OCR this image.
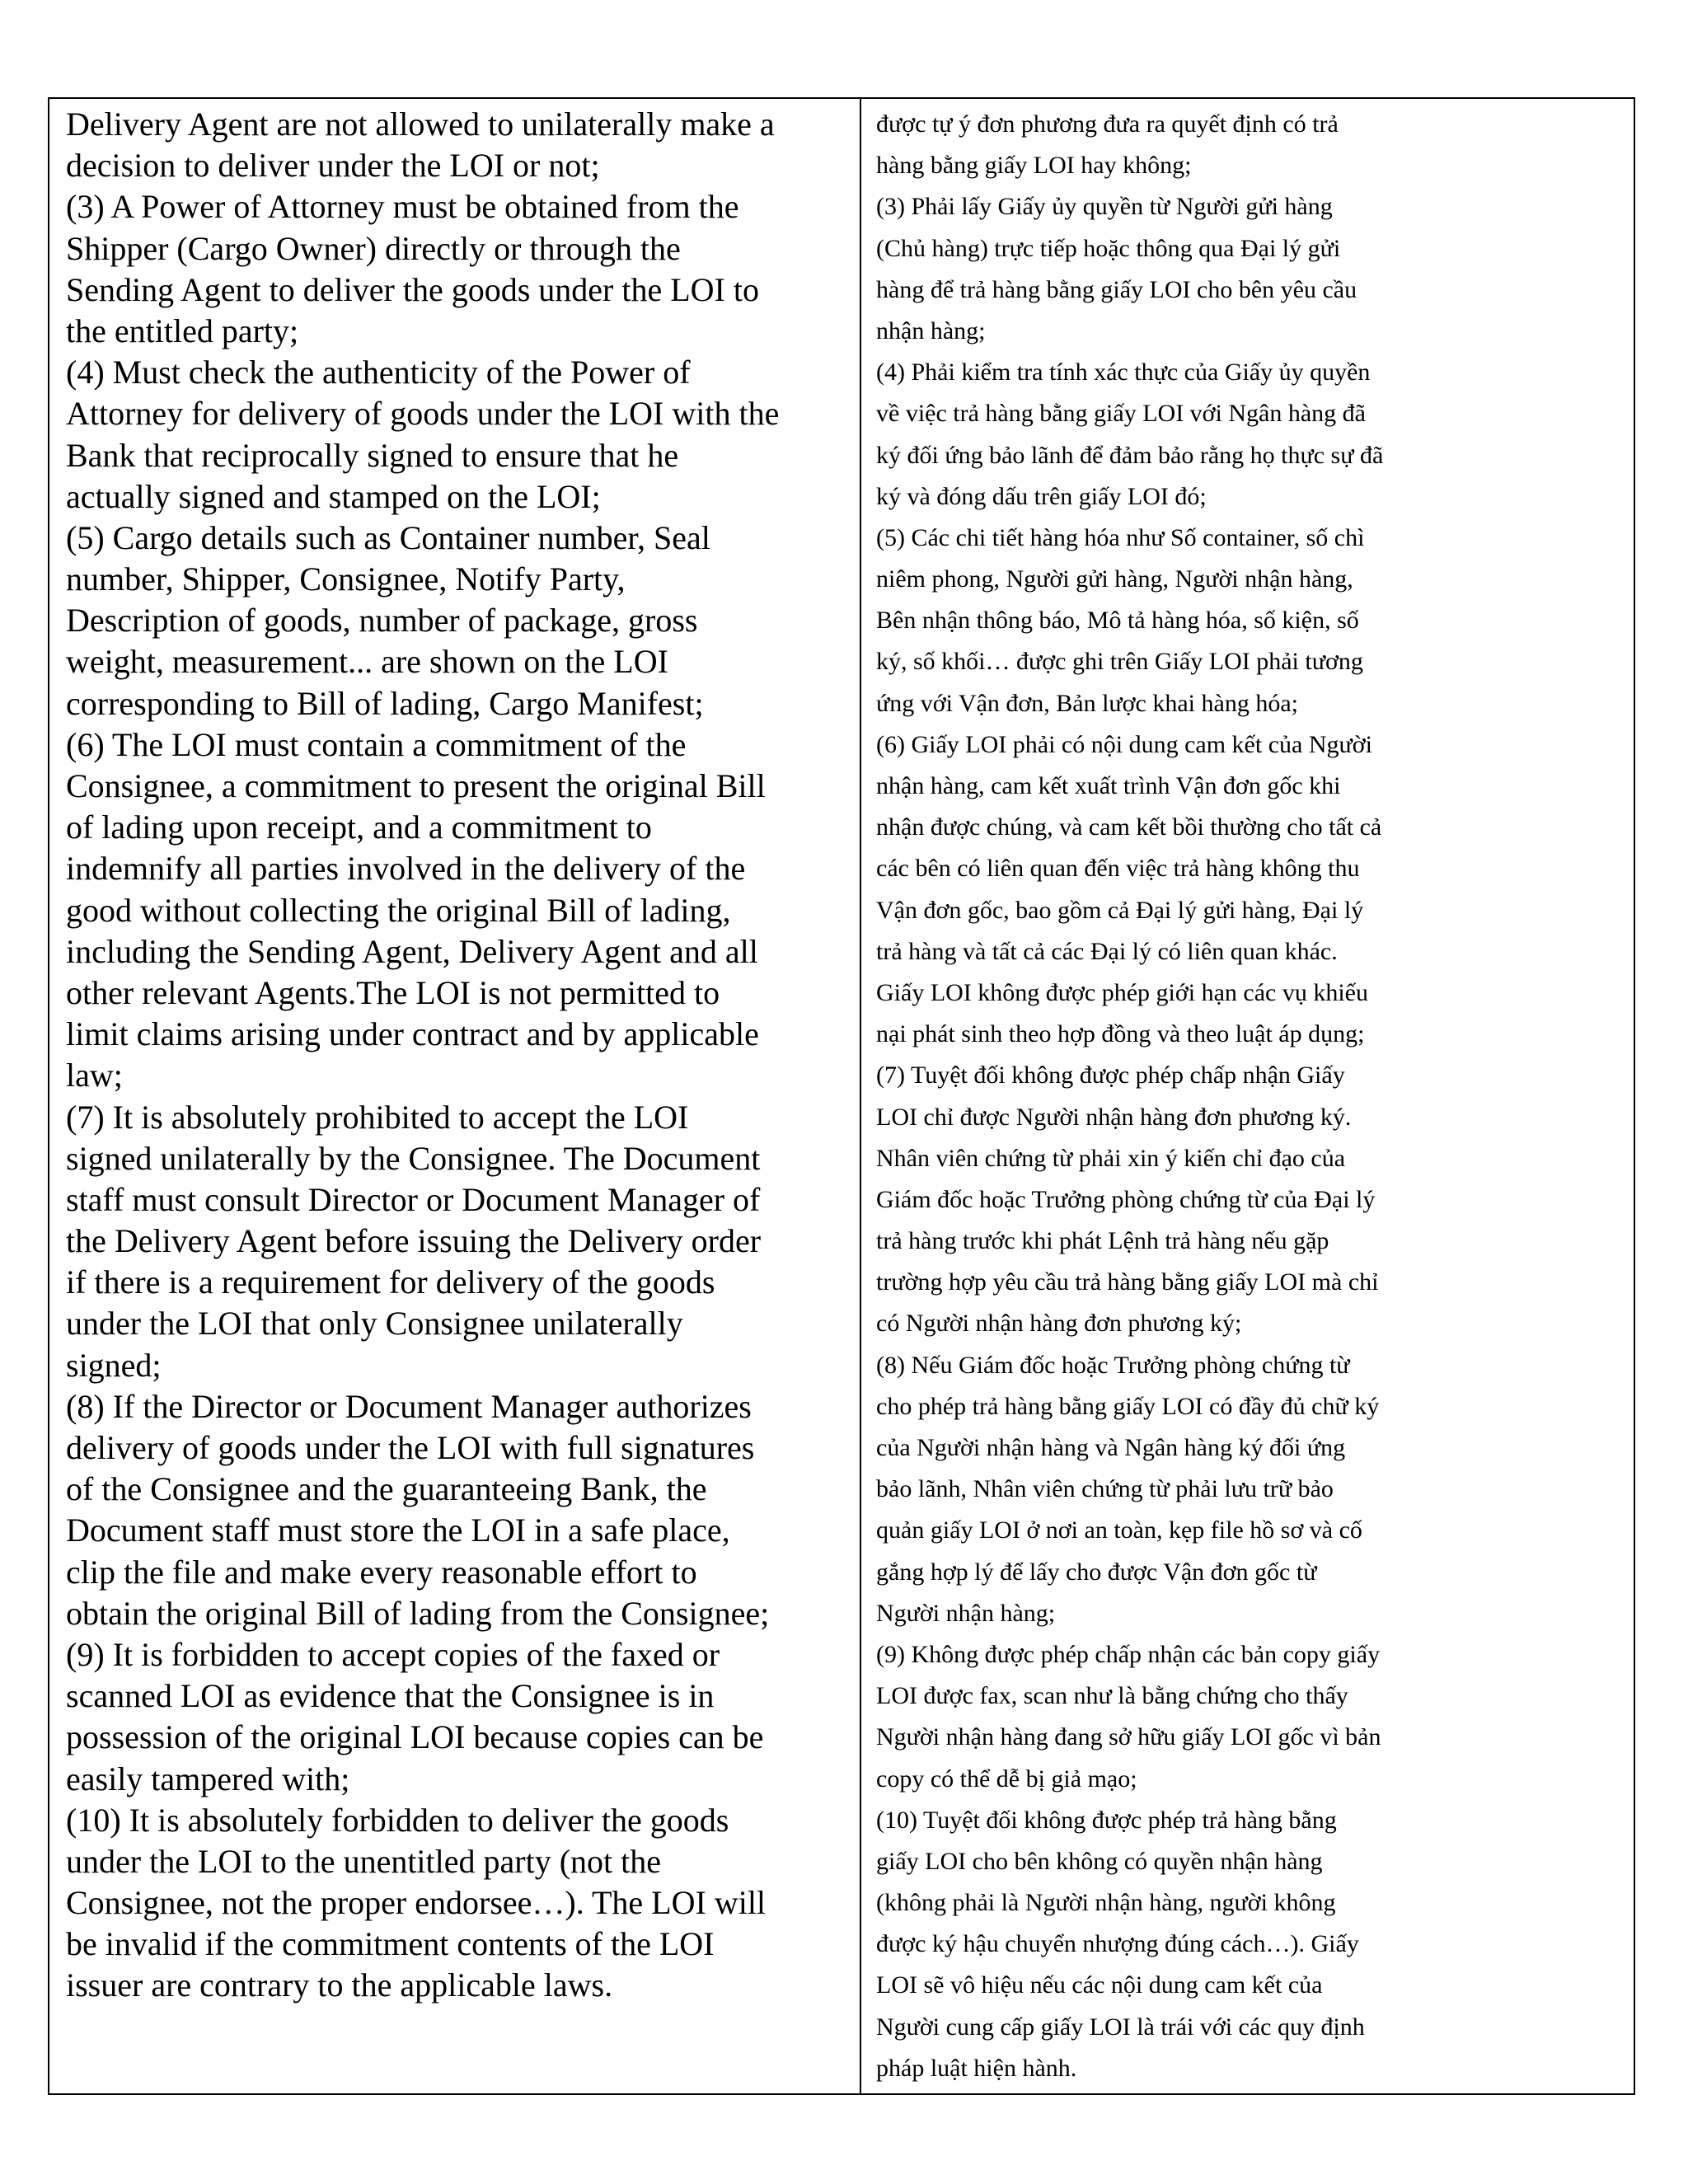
Delivery Agent are not allowed to unilaterally make a
decision to deliver under the LOI or not;
(3) A Power of Attorney must be obtained from the
Shipper (Cargo Owner) directly or through the
Sending Agent to deliver the goods under the LOI to
the entitled party;
(4) Must check the authenticity of the Power of
Attorney for delivery of goods under the LOI with the
Bank that reciprocally signed to ensure that he
actually signed and stamped on the LOI;
(5) Cargo details such as Container number, Seal
number, Shipper, Consignee, Notify Party,
Description of goods, number of package, gross
weight, measurement... are shown on the LOI
corresponding to Bill of lading, Cargo Manifest;
(6) The LOI must contain a commitment of the
Consignee, a commitment to present the original Bill
of lading upon receipt, and a commitment to
indemnify all parties involved in the delivery of the
good without collecting the original Bill of lading,
including the Sending Agent, Delivery Agent and all
other relevant Agents.The LOI is not permitted to
limit claims arising under contract and by applicable
law;
(7) It is absolutely prohibited to accept the LOI
signed unilaterally by the Consignee. The Document
staff must consult Director or Document Manager of
the Delivery Agent before issuing the Delivery order
if there is a requirement for delivery of the goods
under the LOI that only Consignee unilaterally
signed;
(8) If the Director or Document Manager authorizes
delivery of goods under the LOI with full signatures
of the Consignee and the guaranteeing Bank, the
Document staff must store the LOI in a safe place,
clip the file and make every reasonable effort to
obtain the original Bill of lading from the Consignee;
(9) It is forbidden to accept copies of the faxed or
scanned LOI as evidence that the Consignee is in
possession of the original LOI because copies can be
easily tampered with;
(10) It is absolutely forbidden to deliver the goods
under the LOI to the unentitled party (not the
Consignee, not the proper endorsee…). The LOI will
be invalid if the commitment contents of the LOI
issuer are contrary to the applicable laws.
được tự ý đơn phương đưa ra quyết định có trả
hàng bằng giấy LOI hay không;
(3) Phải lấy Giấy ủy quyền từ Người gửi hàng
(Chủ hàng) trực tiếp hoặc thông qua Đại lý gửi
hàng để trả hàng bằng giấy LOI cho bên yêu cầu
nhận hàng;
(4) Phải kiểm tra tính xác thực của Giấy ủy quyền
về việc trả hàng bằng giấy LOI với Ngân hàng đã
ký đối ứng bảo lãnh để đảm bảo rằng họ thực sự đã
ký và đóng dấu trên giấy LOI đó;
(5) Các chi tiết hàng hóa như Số container, số chì
niêm phong, Người gửi hàng, Người nhận hàng,
Bên nhận thông báo, Mô tả hàng hóa, số kiện, số
ký, số khối… được ghi trên Giấy LOI phải tương
ứng với Vận đơn, Bản lược khai hàng hóa;
(6) Giấy LOI phải có nội dung cam kết của Người
nhận hàng, cam kết xuất trình Vận đơn gốc khi
nhận được chúng, và cam kết bồi thường cho tất cả
các bên có liên quan đến việc trả hàng không thu
Vận đơn gốc, bao gồm cả Đại lý gửi hàng, Đại lý
trả hàng và tất cả các Đại lý có liên quan khác.
Giấy LOI không được phép giới hạn các vụ khiếu
nại phát sinh theo hợp đồng và theo luật áp dụng;
(7) Tuyệt đối không được phép chấp nhận Giấy
LOI chỉ được Người nhận hàng đơn phương ký.
Nhân viên chứng từ phải xin ý kiến chỉ đạo của
Giám đốc hoặc Trưởng phòng chứng từ của Đại lý
trả hàng trước khi phát Lệnh trả hàng nếu gặp
trường hợp yêu cầu trả hàng bằng giấy LOI mà chỉ
có Người nhận hàng đơn phương ký;
(8) Nếu Giám đốc hoặc Trưởng phòng chứng từ
cho phép trả hàng bằng giấy LOI có đầy đủ chữ ký
của Người nhận hàng và Ngân hàng ký đối ứng
bảo lãnh, Nhân viên chứng từ phải lưu trữ bảo
quản giấy LOI ở nơi an toàn, kẹp file hồ sơ và cố
gắng hợp lý để lấy cho được Vận đơn gốc từ
Người nhận hàng;
(9) Không được phép chấp nhận các bản copy giấy
LOI được fax, scan như là bằng chứng cho thấy
Người nhận hàng đang sở hữu giấy LOI gốc vì bản
copy có thể dễ bị giả mạo;
(10) Tuyệt đối không được phép trả hàng bằng
giấy LOI cho bên không có quyền nhận hàng
(không phải là Người nhận hàng, người không
được ký hậu chuyển nhượng đúng cách…). Giấy
LOI sẽ vô hiệu nếu các nội dung cam kết của
Người cung cấp giấy LOI là trái với các quy định
pháp luật hiện hành.
